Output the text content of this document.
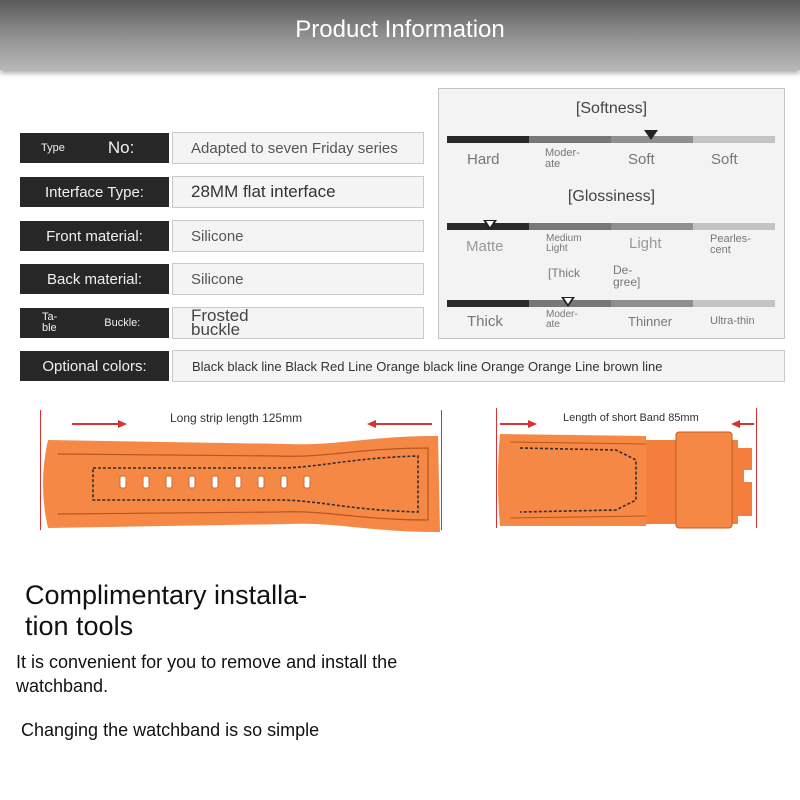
Product Information
Type	No:	Adapted to seven Friday series
Interface Type:	28MM flat interface
Front material:	Silicone
Back material:	Silicone
Ta-
ble	Buckle:	Frosted
buckle
[Softness]
Hard	Moder-
ate	Soft	Soft
[Glossiness]
Matte	Medium
Light	Light	Pearles-
cent
[Thick	De-
gree]
Thick	Moder-
ate	Thinner	Ultra-thin
Optional colors:	Black black line Black Red Line Orange black line Orange Orange Line brown line
Long strip length 125mm	Length of short Band 85mm
Complimentary installa-
tion tools
It is convenient for you to remove and install the
watchband.
Changing the watchband is so simple
